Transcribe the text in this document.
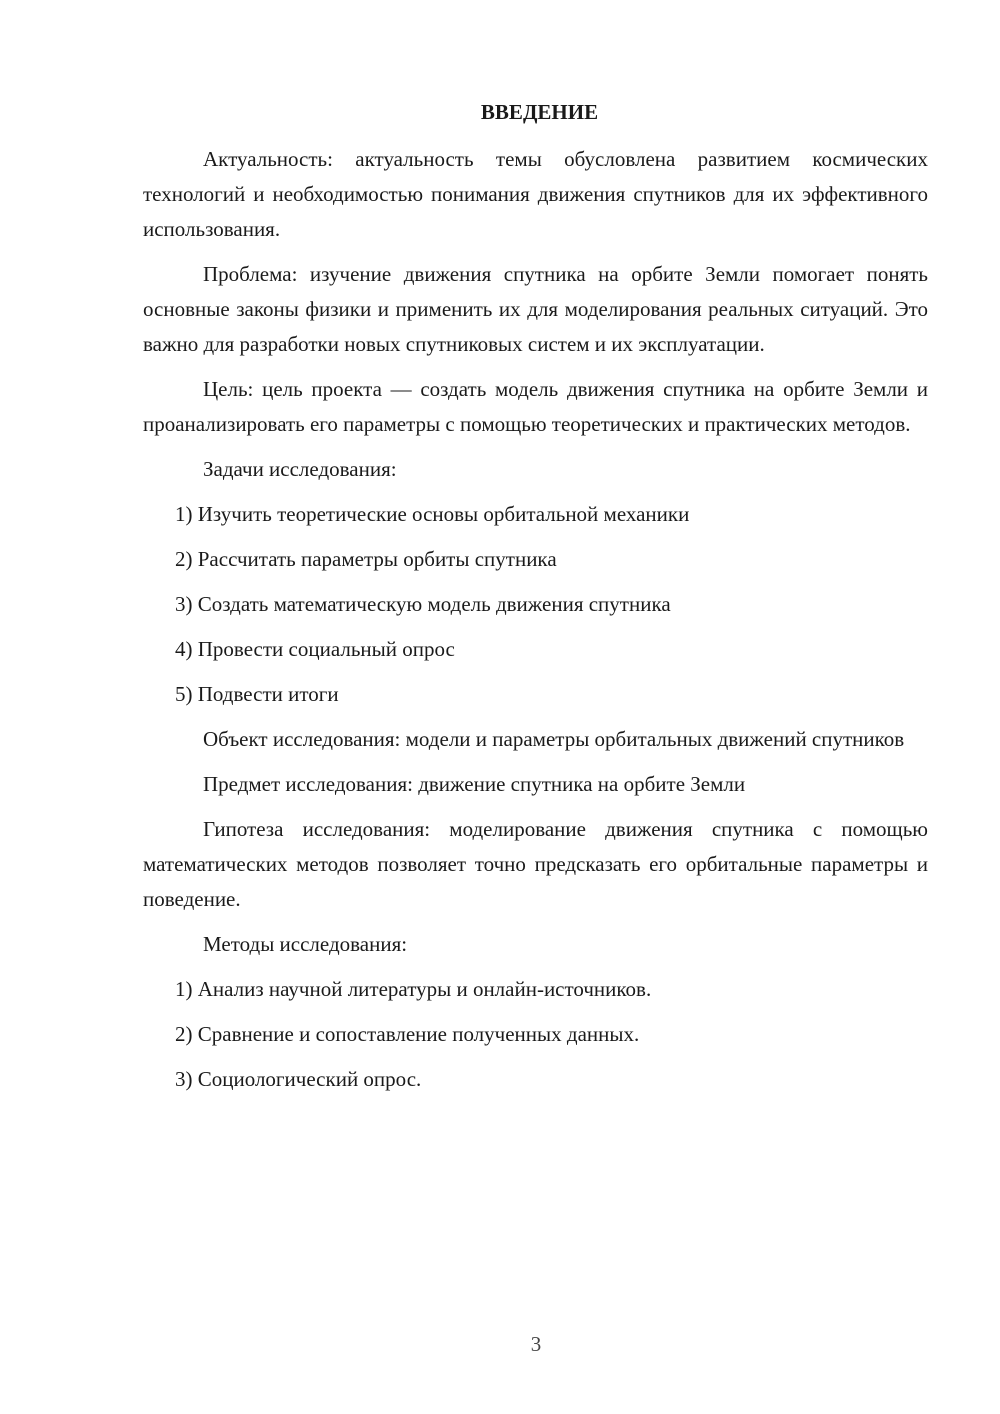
ВВЕДЕНИЕ

Актуальность: актуальность темы обусловлена развитием космических технологий и необходимостью понимания движения спутников для их эффективного использования.

Проблема: изучение движения спутника на орбите Земли помогает понять основные законы физики и применить их для моделирования реальных ситуаций. Это важно для разработки новых спутниковых систем и их эксплуатации.

Цель: цель проекта — создать модель движения спутника на орбите Земли и проанализировать его параметры с помощью теоретических и практических методов.

Задачи исследования:

1) Изучить теоретические основы орбитальной механики
2) Рассчитать параметры орбиты спутника
3) Создать математическую модель движения спутника
4) Провести социальный опрос
5) Подвести итоги

Объект исследования: модели и параметры орбитальных движений спутников

Предмет исследования: движение спутника на орбите Земли

Гипотеза исследования: моделирование движения спутника с помощью математических методов позволяет точно предсказать его орбитальные параметры и поведение.

Методы исследования:

1) Анализ научной литературы и онлайн-источников.
2) Сравнение и сопоставление полученных данных.
3) Социологический опрос.
3
